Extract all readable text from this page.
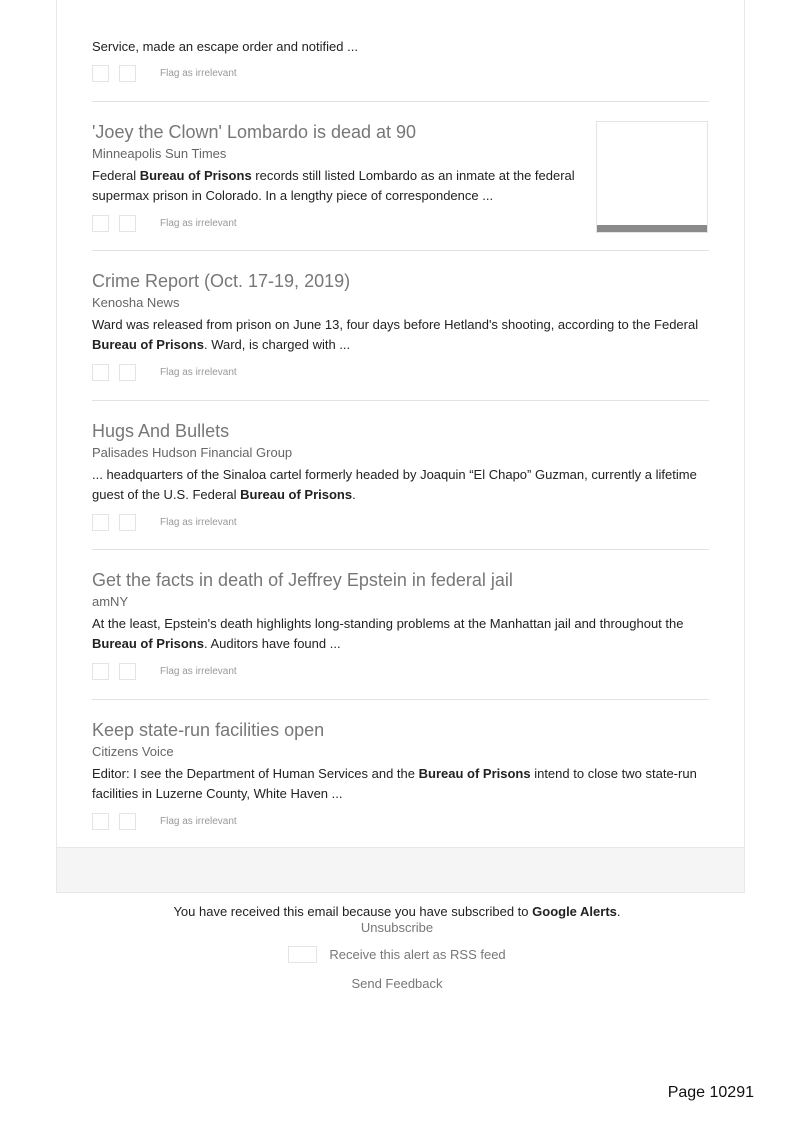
Service, made an escape order and notified ...
Flag as irrelevant
'Joey the Clown' Lombardo is dead at 90
Minneapolis Sun Times
Federal Bureau of Prisons records still listed Lombardo as an inmate at the federal supermax prison in Colorado. In a lengthy piece of correspondence ...
Flag as irrelevant
Crime Report (Oct. 17-19, 2019)
Kenosha News
Ward was released from prison on June 13, four days before Hetland's shooting, according to the Federal Bureau of Prisons. Ward, is charged with ...
Flag as irrelevant
Hugs And Bullets
Palisades Hudson Financial Group
... headquarters of the Sinaloa cartel formerly headed by Joaquin “El Chapo” Guzman, currently a lifetime guest of the U.S. Federal Bureau of Prisons.
Flag as irrelevant
Get the facts in death of Jeffrey Epstein in federal jail
amNY
At the least, Epstein's death highlights long-standing problems at the Manhattan jail and throughout the Bureau of Prisons. Auditors have found ...
Flag as irrelevant
Keep state-run facilities open
Citizens Voice
Editor: I see the Department of Human Services and the Bureau of Prisons intend to close two state-run facilities in Luzerne County, White Haven ...
Flag as irrelevant
You have received this email because you have subscribed to Google Alerts.
Unsubscribe
Receive this alert as RSS feed
Send Feedback
Page 10291
